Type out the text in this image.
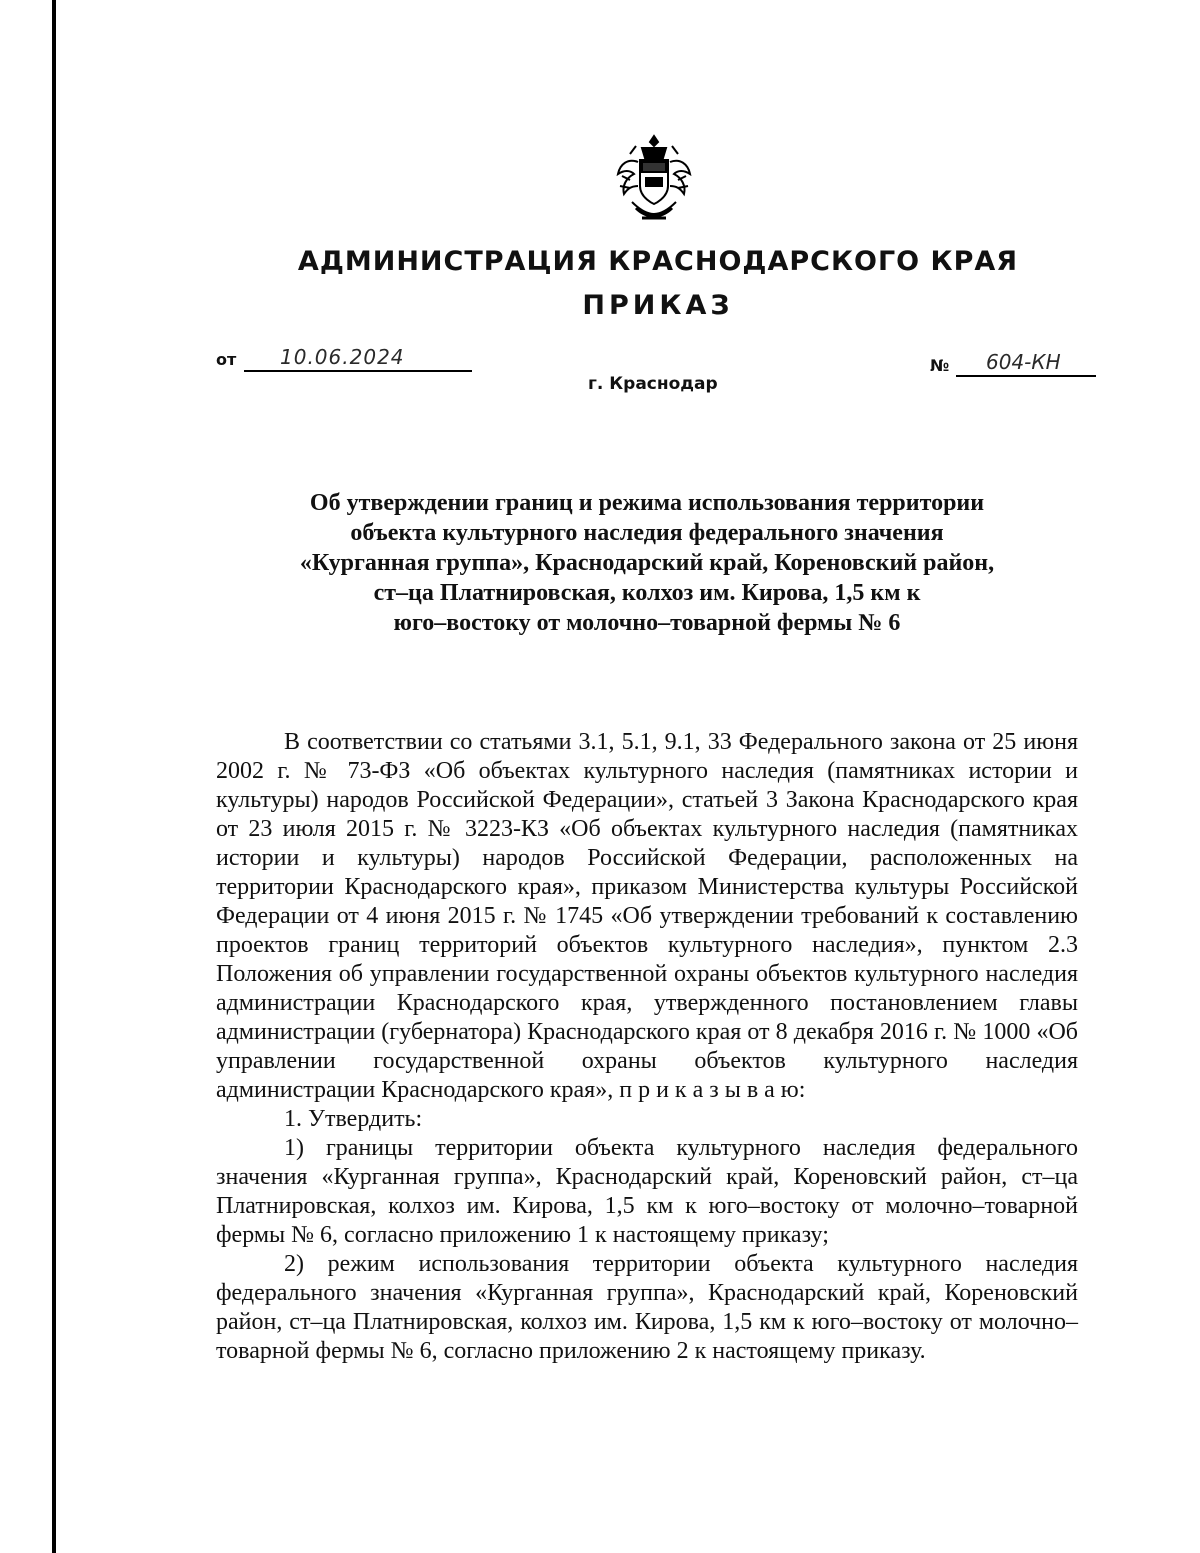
АДМИНИСТРАЦИЯ КРАСНОДАРСКОГО КРАЯ
ПРИКАЗ
от 10.06.2024	№ 604-КН
г. Краснодар
Об утверждении границ и режима использования территории
объекта культурного наследия федерального значения
«Курганная группа», Краснодарский край, Кореновский район,
ст–ца Платнировская, колхоз им. Кирова, 1,5 км к
юго–востоку от молочно–товарной фермы № 6

В соответствии со статьями 3.1, 5.1, 9.1, 33 Федерального закона от 25 июня 2002 г. № 73-ФЗ «Об объектах культурного наследия (памятниках истории и культуры) народов Российской Федерации», статьей 3 Закона Краснодарского края от 23 июля 2015 г. № 3223-КЗ «Об объектах культурного наследия (памятниках истории и культуры) народов Российской Федерации, расположенных на территории Краснодарского края», приказом Министерства культуры Российской Федерации от 4 июня 2015 г. № 1745 «Об утверждении требований к составлению проектов границ территорий объектов культурного наследия», пунктом 2.3 Положения об управлении государственной охраны объектов культурного наследия администрации Краснодарского края, утвержденного постановлением главы администрации (губернатора) Краснодарского края от 8 декабря 2016 г. № 1000 «Об управлении государственной охраны объектов культурного наследия администрации Краснодарского края», п р и к а з ы в а ю:

1. Утвердить:

1) границы территории объекта культурного наследия федерального значения «Курганная группа», Краснодарский край, Кореновский район, ст–ца Платнировская, колхоз им. Кирова, 1,5 км к юго–востоку от молочно–товарной фермы № 6, согласно приложению 1 к настоящему приказу;

2) режим использования территории объекта культурного наследия федерального значения «Курганная группа», Краснодарский край, Кореновский район, ст–ца Платнировская, колхоз им. Кирова, 1,5 км к юго–востоку от молочно–товарной фермы № 6, согласно приложению 2 к настоящему приказу.
